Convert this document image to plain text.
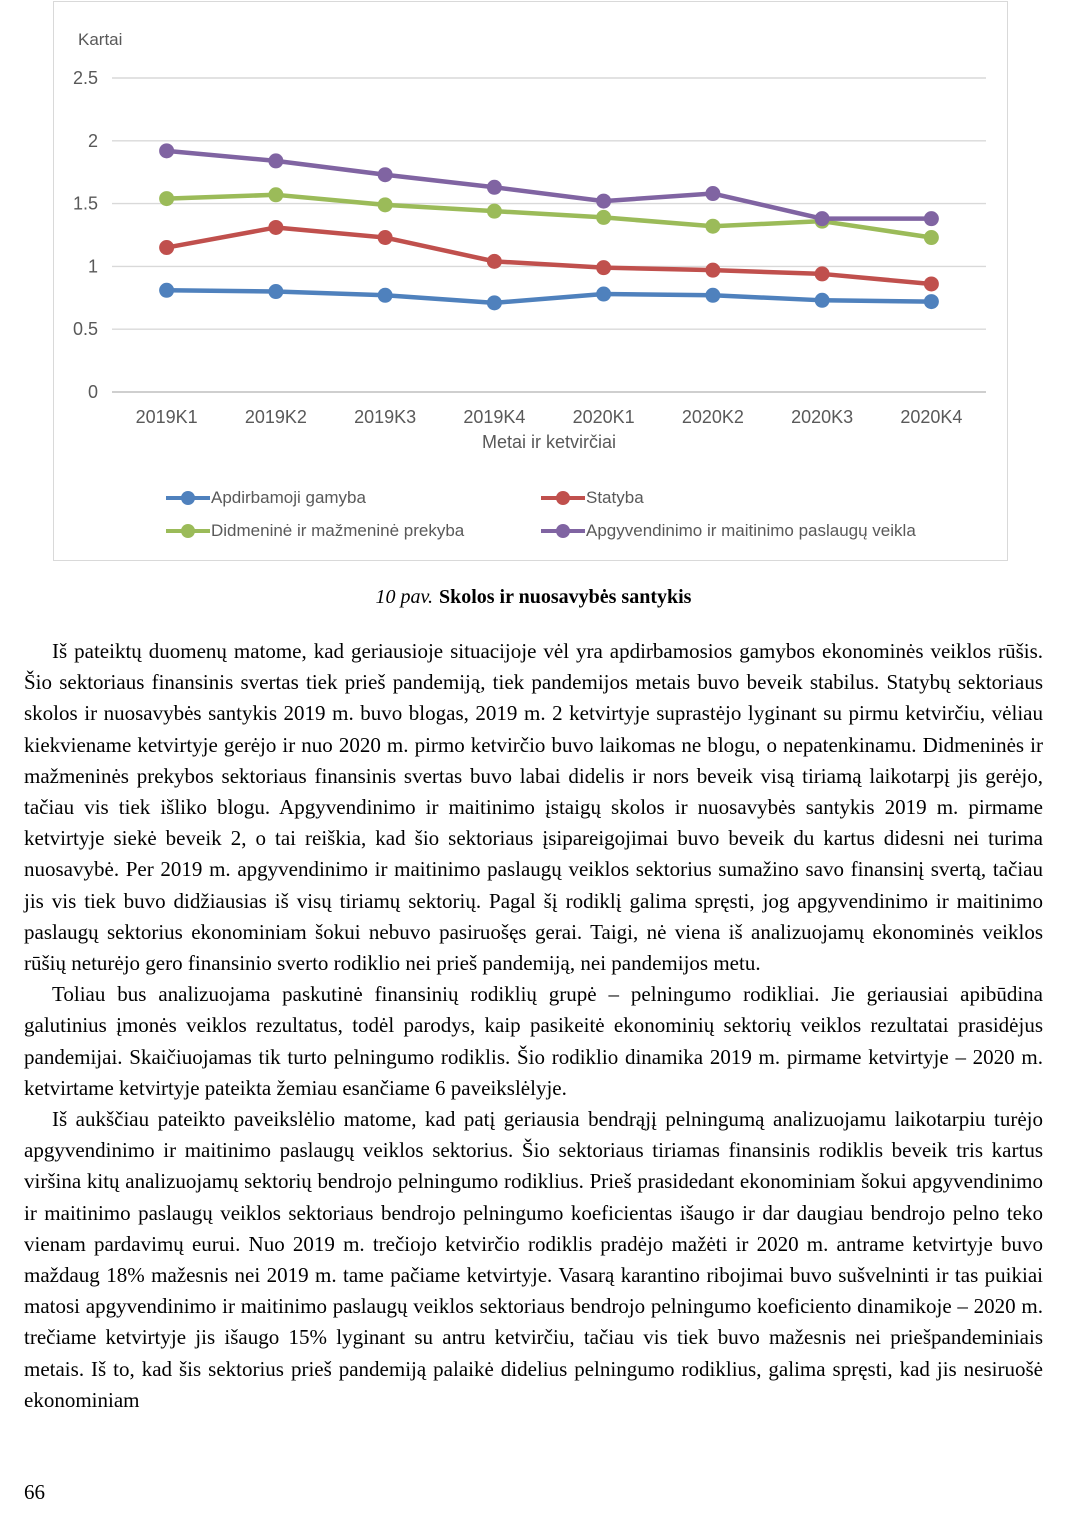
Kartai
0
0.5
1
1.5
2
2.5
2019K1	2019K2	2019K3	2019K4	2020K1	2020K2	2020K3	2020K4
Metai ir ketvirčiai
Apdirbamoji gamyba	Statyba
Didmeninė ir mažmeninė prekyba	Apgyvendinimo ir maitinimo paslaugų veikla
10 pav. Skolos ir nuosavybės santykis

Iš pateiktų duomenų matome, kad geriausioje situacijoje vėl yra apdirbamosios gamybos ekonominės veiklos rūšis. Šio sektoriaus finansinis svertas tiek prieš pandemiją, tiek pandemijos metais buvo beveik stabilus. Statybų sektoriaus skolos ir nuosavybės santykis 2019 m. buvo blogas, 2019 m. 2 ketvirtyje suprastėjo lyginant su pirmu ketvirčiu, vėliau kiekviename ketvirtyje gerėjo ir nuo 2020 m. pirmo ketvirčio buvo laikomas ne blogu, o nepatenkinamu. Didmeninės ir mažmeninės prekybos sektoriaus finansinis svertas buvo labai didelis ir nors beveik visą tiriamą laikotarpį jis gerėjo, tačiau vis tiek išliko blogu. Apgyvendinimo ir maitinimo įstaigų skolos ir nuosavybės santykis 2019 m. pirmame ketvirtyje siekė beveik 2, o tai reiškia, kad šio sektoriaus įsipareigojimai buvo beveik du kartus didesni nei turima nuosavybė. Per 2019 m. apgyvendinimo ir maitinimo paslaugų veiklos sektorius sumažino savo finansinį svertą, tačiau jis vis tiek buvo didžiausias iš visų tiriamų sektorių. Pagal šį rodiklį galima spręsti, jog apgyvendinimo ir maitinimo paslaugų sektorius ekonominiam šokui nebuvo pasiruošęs gerai. Taigi, nė viena iš analizuojamų ekonominės veiklos rūšių neturėjo gero finansinio sverto rodiklio nei prieš pandemiją, nei pandemijos metu.

Toliau bus analizuojama paskutinė finansinių rodiklių grupė – pelningumo rodikliai. Jie geriausiai apibūdina galutinius įmonės veiklos rezultatus, todėl parodys, kaip pasikeitė ekonominių sektorių veiklos rezultatai prasidėjus pandemijai. Skaičiuojamas tik turto pelningumo rodiklis. Šio rodiklio dinamika 2019 m. pirmame ketvirtyje – 2020 m. ketvirtame ketvirtyje pateikta žemiau esančiame 6 paveikslėlyje.

Iš aukščiau pateikto paveikslėlio matome, kad patį geriausia bendrąjį pelningumą analizuojamu laikotarpiu turėjo apgyvendinimo ir maitinimo paslaugų veiklos sektorius. Šio sektoriaus tiriamas finansinis rodiklis beveik tris kartus viršina kitų analizuojamų sektorių bendrojo pelningumo rodiklius. Prieš prasidedant ekonominiam šokui apgyvendinimo ir maitinimo paslaugų veiklos sektoriaus bendrojo pelningumo koeficientas išaugo ir dar daugiau bendrojo pelno teko vienam pardavimų eurui. Nuo 2019 m. trečiojo ketvirčio rodiklis pradėjo mažėti ir 2020 m. antrame ketvirtyje buvo maždaug 18% mažesnis nei 2019 m. tame pačiame ketvirtyje. Vasarą karantino ribojimai buvo sušvelninti ir tas puikiai matosi apgyvendinimo ir maitinimo paslaugų veiklos sektoriaus bendrojo pelningumo koeficiento dinamikoje – 2020 m. trečiame ketvirtyje jis išaugo 15% lyginant su antru ketvirčiu, tačiau vis tiek buvo mažesnis nei priešpandeminiais metais. Iš to, kad šis sektorius prieš pandemiją palaikė didelius pelningumo rodiklius, galima spręsti, kad jis nesiruošė ekonominiam

66
